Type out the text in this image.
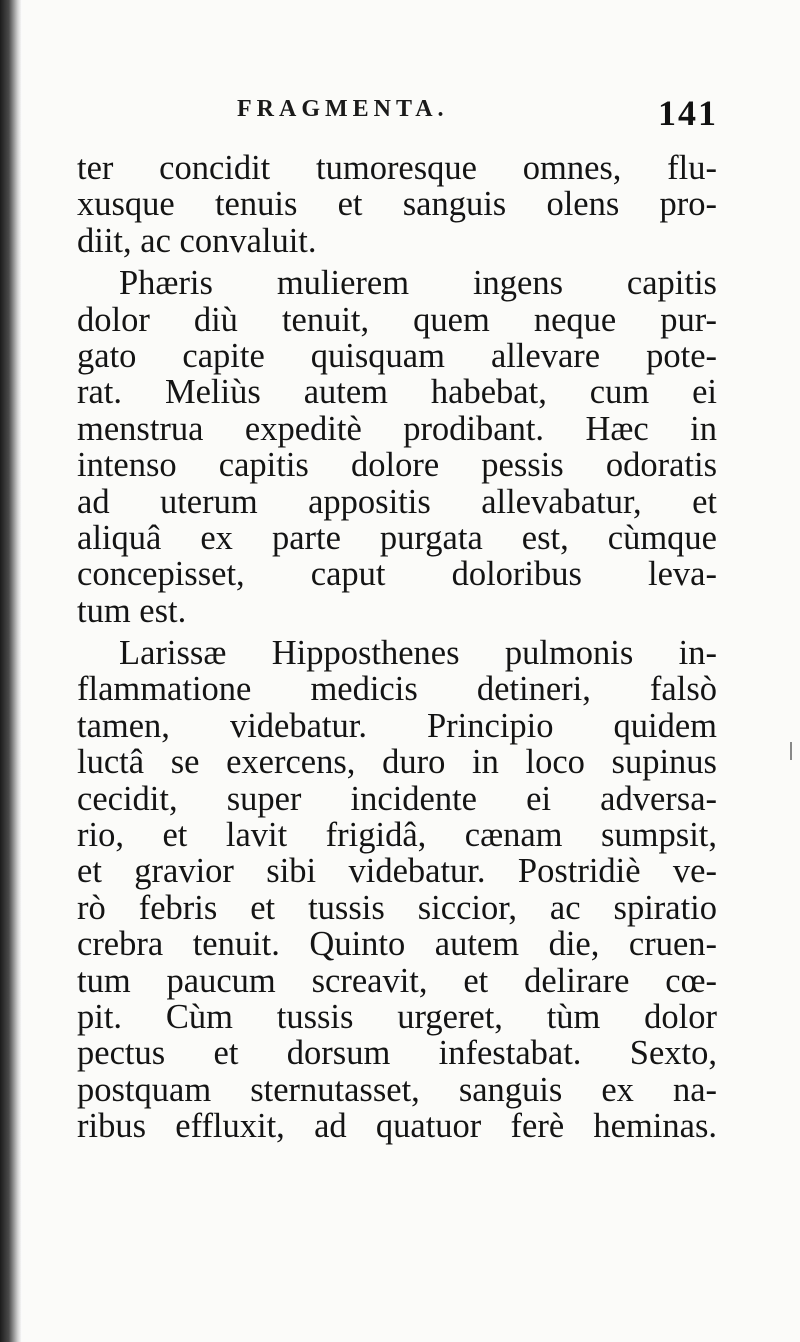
FRAGMENTA.	141
ter concidit tumoresque omnes, flu-
xusque tenuis et sanguis olens pro-
diit, ac convaluit.
Phæris mulierem ingens capitis
dolor diù tenuit, quem neque pur-
gato capite quisquam allevare pote-
rat. Meliùs autem habebat, cum ei
menstrua expeditè prodibant. Hæc in
intenso capitis dolore pessis odoratis
ad uterum appositis allevabatur, et
aliquâ ex parte purgata est, cùmque
concepisset, caput doloribus leva-
tum est.
Larissæ Hipposthenes pulmonis in-
flammatione medicis detineri, falsò
tamen, videbatur. Principio quidem
luctâ se exercens, duro in loco supinus
cecidit, super incidente ei adversa-
rio, et lavit frigidâ, cænam sumpsit,
et gravior sibi videbatur. Postridiè ve-
rò febris et tussis siccior, ac spiratio
crebra tenuit. Quinto autem die, cruen-
tum paucum screavit, et delirare cœ-
pit. Cùm tussis urgeret, tùm dolor
pectus et dorsum infestabat. Sexto,
postquam sternutasset, sanguis ex na-
ribus effluxit, ad quatuor ferè heminas.
